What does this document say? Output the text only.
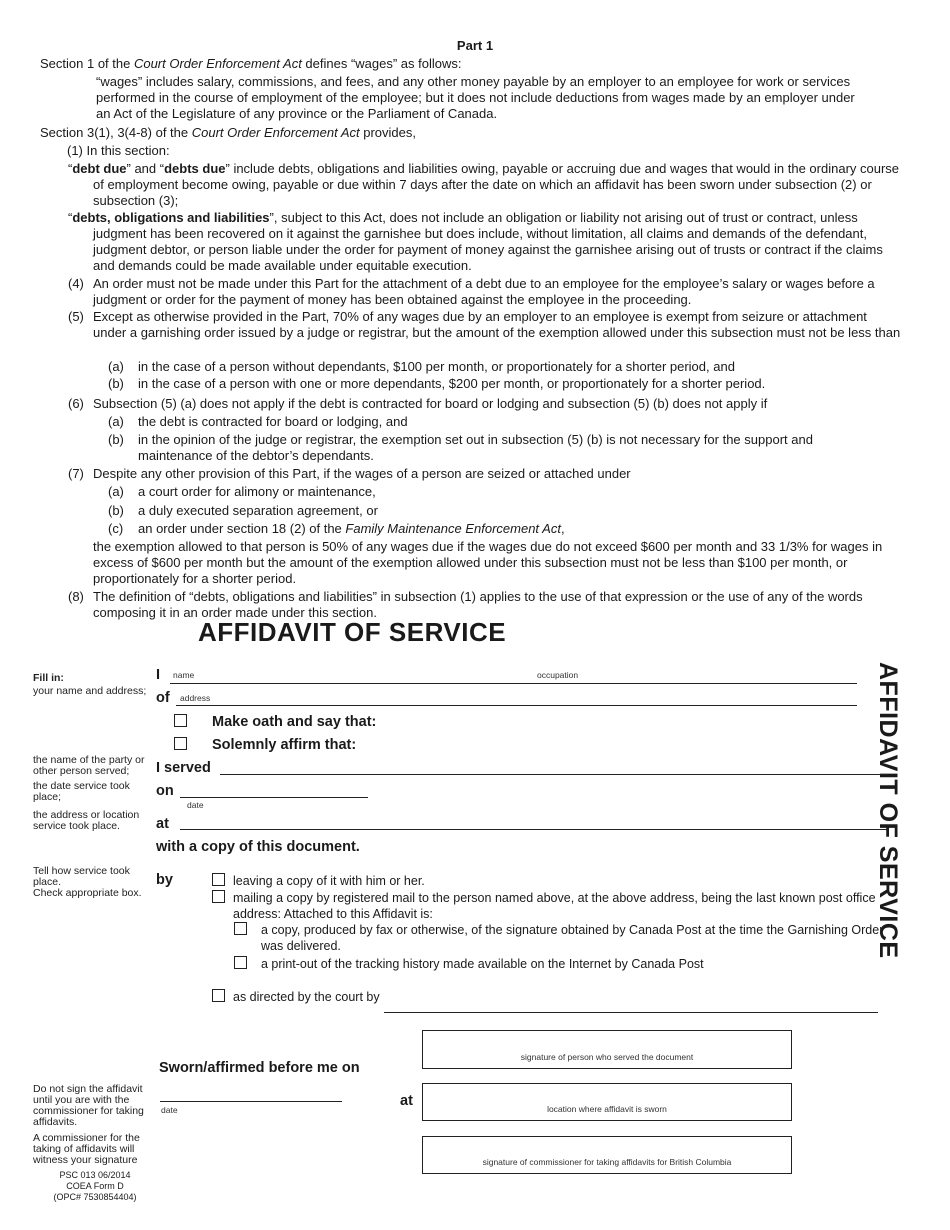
Part 1
Section 1 of the Court Order Enforcement Act defines “wages” as follows:
“wages” includes salary, commissions, and fees, and any other money payable by an employer to an employee for work or services performed in the course of employment of the employee; but it does not include deductions from wages made by an employer under an Act of the Legislature of any province or the Parliament of Canada.
Section 3(1), 3(4-8) of the Court Order Enforcement Act provides,
(1) In this section:
“debt due” and “debts due” include debts, obligations and liabilities owing, payable or accruing due and wages that would in the ordinary course of employment become owing, payable or due within 7 days after the date on which an affidavit has been sworn under subsection (2) or subsection (3);
“debts, obligations and liabilities”, subject to this Act, does not include an obligation or liability not arising out of trust or contract, unless judgment has been recovered on it against the garnishee but does include, without limitation, all claims and demands of the defendant, judgment debtor, or person liable under the order for payment of money against the garnishee arising out of trusts or contract if the claims and demands could be made available under equitable execution.
(4) An order must not be made under this Part for the attachment of a debt due to an employee for the employee’s salary or wages before a judgment or order for the payment of money has been obtained against the employee in the proceeding.
(5) Except as otherwise provided in the Part, 70% of any wages due by an employer to an employee is exempt from seizure or attachment under a garnishing order issued by a judge or registrar, but the amount of the exemption allowed under this subsection must not be less than
(a) in the case of a person without dependants, $100 per month, or proportionately for a shorter period, and
(b) in the case of a person with one or more dependants, $200 per month, or proportionately for a shorter period.
(6) Subsection (5) (a) does not apply if the debt is contracted for board or lodging and subsection (5) (b) does not apply if
(a) the debt is contracted for board or lodging, and
(b) in the opinion of the judge or registrar, the exemption set out in subsection (5) (b) is not necessary for the support and maintenance of the debtor’s dependants.
(7) Despite any other provision of this Part, if the wages of a person are seized or attached under
(a) a court order for alimony or maintenance,
(b) a duly executed separation agreement, or
(c) an order under section 18 (2) of the Family Maintenance Enforcement Act,
the exemption allowed to that person is 50% of any wages due if the wages due do not exceed $600 per month and 33 1/3% for wages in excess of $600 per month but the amount of the exemption allowed under this subsection must not be less than $100 per month, or proportionately for a shorter period.
(8) The definition of “debts, obligations and liabilities” in subsection (1) applies to the use of that expression or the use of any of the words composing it in an order made under this section.
AFFIDAVIT OF SERVICE
AFFIDAVIT OF SERVICE
Fill in:
your name and address;
the name of the party or other person served;
the date service took place;
the address or location service took place.
Tell how service took place.
Check appropriate box.
Do not sign the affidavit until you are with the commissioner for taking affidavits.
A commissioner for the taking of affidavits will witness your signature
I name	occupation
of address
Make oath and say that:
Solemnly affirm that:
I served
on
date
at
with a copy of this document.
by	leaving a copy of it with him or her.
mailing a copy by registered mail to the person named above, at the above address, being the last known post office address: Attached to this Affidavit is:
a copy, produced by fax or otherwise, of the signature obtained by Canada Post at the time the Garnishing Order was delivered.
a print-out of the tracking history made available on the Internet by Canada Post
as directed by the court by
Sworn/affirmed before me on
date
at
signature of person who served the document
location where affidavit is sworn
signature of commissioner for taking affidavits for British Columbia
PSC 013 06/2014
COEA Form D
(OPC# 7530854404)
